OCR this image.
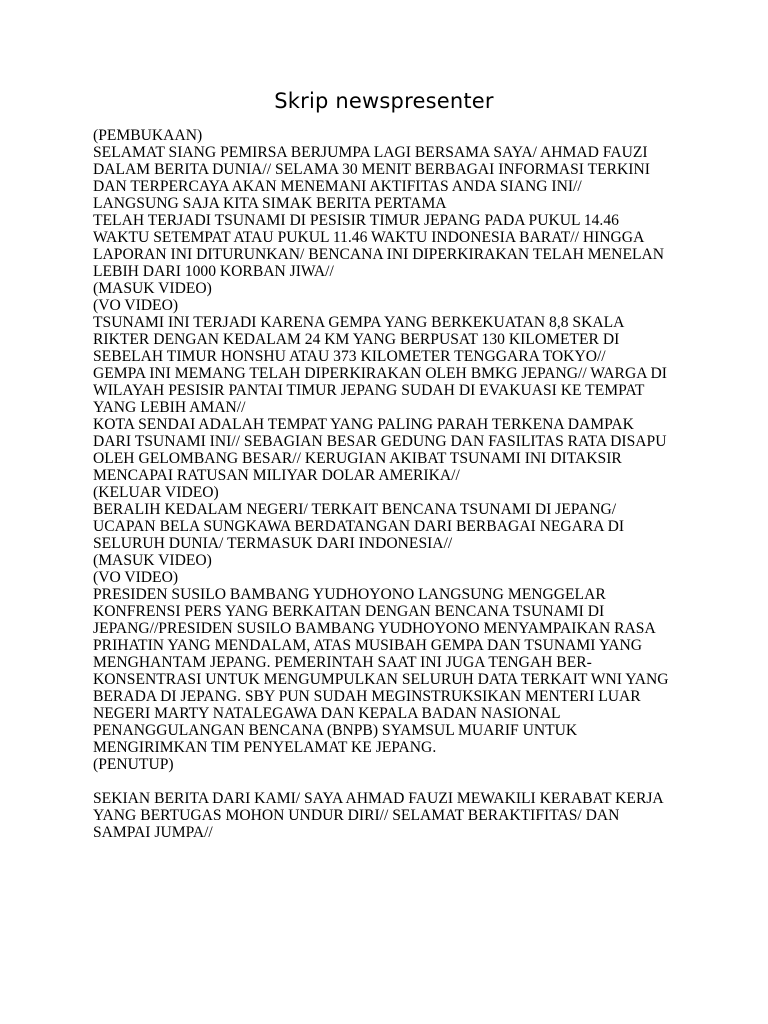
Skrip newspresenter
(PEMBUKAAN)
SELAMAT SIANG PEMIRSA BERJUMPA LAGI BERSAMA SAYA/ AHMAD FAUZI
DALAM BERITA DUNIA// SELAMA 30 MENIT BERBAGAI INFORMASI TERKINI
DAN TERPERCAYA AKAN MENEMANI AKTIFITAS ANDA SIANG INI//
LANGSUNG SAJA KITA SIMAK BERITA PERTAMA
TELAH TERJADI TSUNAMI DI PESISIR TIMUR JEPANG PADA PUKUL 14.46
WAKTU SETEMPAT ATAU PUKUL 11.46 WAKTU INDONESIA BARAT// HINGGA
LAPORAN INI DITURUNKAN/ BENCANA INI DIPERKIRAKAN TELAH MENELAN
LEBIH DARI 1000 KORBAN JIWA//
(MASUK VIDEO)
(VO VIDEO)
TSUNAMI INI TERJADI KARENA GEMPA YANG BERKEKUATAN 8,8 SKALA
RIKTER DENGAN KEDALAM 24 KM YANG BERPUSAT 130 KILOMETER DI
SEBELAH TIMUR HONSHU ATAU 373 KILOMETER TENGGARA TOKYO//
GEMPA INI MEMANG TELAH DIPERKIRAKAN OLEH BMKG JEPANG// WARGA DI
WILAYAH PESISIR PANTAI TIMUR JEPANG SUDAH DI EVAKUASI KE TEMPAT
YANG LEBIH AMAN//
KOTA SENDAI ADALAH TEMPAT YANG PALING PARAH TERKENA DAMPAK
DARI TSUNAMI INI// SEBAGIAN BESAR GEDUNG DAN FASILITAS RATA DISAPU
OLEH GELOMBANG BESAR// KERUGIAN AKIBAT TSUNAMI INI DITAKSIR
MENCAPAI RATUSAN MILIYAR DOLAR AMERIKA//
(KELUAR VIDEO)
BERALIH KEDALAM NEGERI/ TERKAIT BENCANA TSUNAMI DI JEPANG/
UCAPAN BELA SUNGKAWA BERDATANGAN DARI BERBAGAI NEGARA DI
SELURUH DUNIA/ TERMASUK DARI INDONESIA//
(MASUK VIDEO)
(VO VIDEO)
PRESIDEN SUSILO BAMBANG YUDHOYONO LANGSUNG MENGGELAR
KONFRENSI PERS YANG BERKAITAN DENGAN BENCANA TSUNAMI DI
JEPANG//PRESIDEN SUSILO BAMBANG YUDHOYONO MENYAMPAIKAN RASA
PRIHATIN YANG MENDALAM, ATAS MUSIBAH GEMPA DAN TSUNAMI YANG
MENGHANTAM JEPANG. PEMERINTAH SAAT INI JUGA TENGAH BER-
KONSENTRASI UNTUK MENGUMPULKAN SELURUH DATA TERKAIT WNI YANG
BERADA DI JEPANG. SBY PUN SUDAH MEGINSTRUKSIKAN MENTERI LUAR
NEGERI MARTY NATALEGAWA DAN KEPALA BADAN NASIONAL
PENANGGULANGAN BENCANA (BNPB) SYAMSUL MUARIF UNTUK
MENGIRIMKAN TIM PENYELAMAT KE JEPANG.
(PENUTUP)
SEKIAN BERITA DARI KAMI/ SAYA AHMAD FAUZI MEWAKILI KERABAT KERJA
YANG BERTUGAS MOHON UNDUR DIRI// SELAMAT BERAKTIFITAS/ DAN
SAMPAI JUMPA//
